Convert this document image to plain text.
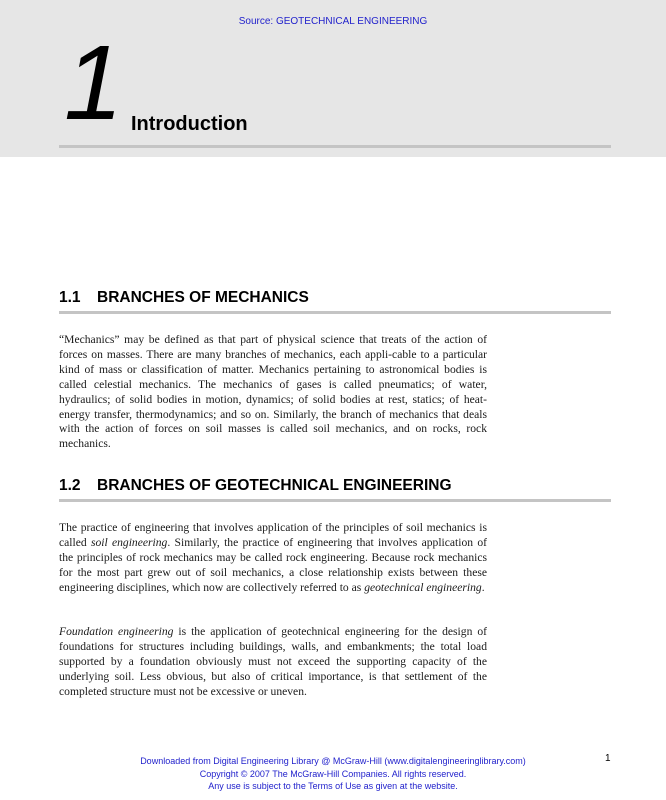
Source: GEOTECHNICAL ENGINEERING
1 Introduction
1.1 BRANCHES OF MECHANICS

“Mechanics” may be defined as that part of physical science that treats of the action of forces on masses. There are many branches of mechanics, each appli-cable to a particular kind of mass or classification of matter. Mechanics pertaining to astronomical bodies is called celestial mechanics. The mechanics of gases is called pneumatics; of water, hydraulics; of solid bodies in motion, dynamics; of solid bodies at rest, statics; of heat-energy transfer, thermodynamics; and so on. Similarly, the branch of mechanics that deals with the action of forces on soil masses is called soil mechanics, and on rocks, rock mechanics.

1.2 BRANCHES OF GEOTECHNICAL ENGINEERING

The practice of engineering that involves application of the principles of soil mechanics is called soil engineering. Similarly, the practice of engineering that involves application of the principles of rock mechanics may be called rock engineering. Because rock mechanics for the most part grew out of soil mechanics, a close relationship exists between these engineering disciplines, which now are collectively referred to as geotechnical engineering.

Foundation engineering is the application of geotechnical engineering for the design of foundations for structures including buildings, walls, and embankments; the total load supported by a foundation obviously must not exceed the supporting capacity of the underlying soil. Less obvious, but also of critical importance, is that settlement of the completed structure must not be excessive or uneven.

Downloaded from Digital Engineering Library @ McGraw-Hill (www.digitalengineeringlibrary.com)
Copyright © 2007 The McGraw-Hill Companies. All rights reserved.
Any use is subject to the Terms of Use as given at the website.
1
